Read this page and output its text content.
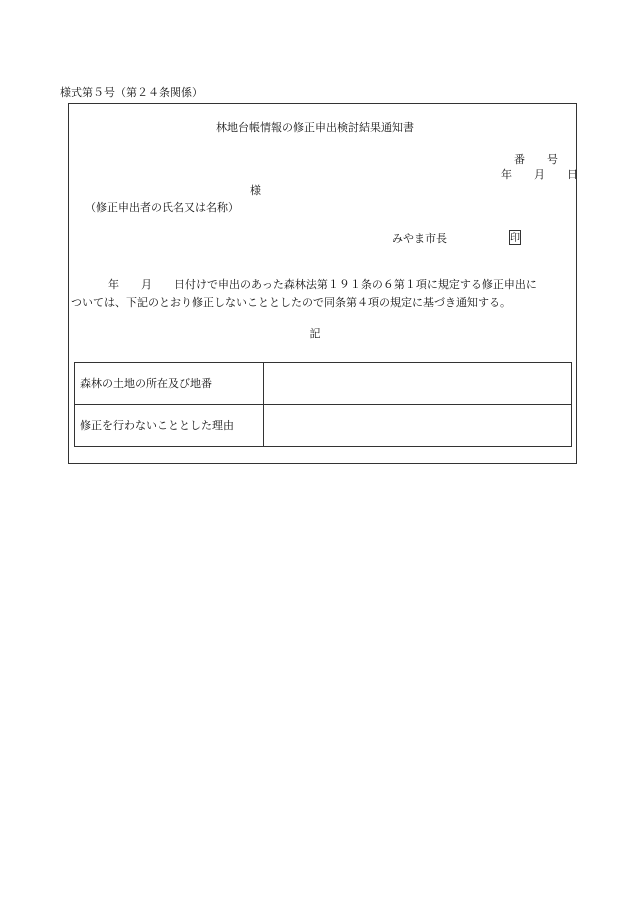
様式第５号（第２４条関係）
林地台帳情報の修正申出検討結果通知書
番　　号
年　　月　　日
様
（修正申出者の氏名又は名称）
みやま市長	印
年　　月　　日付けで申出のあった森林法第１９１条の６第１項に規定する修正申出に
ついては、下記のとおり修正しないこととしたので同条第４項の規定に基づき通知する。
記
森林の土地の所在及び地番	
修正を行わないこととした理由	
